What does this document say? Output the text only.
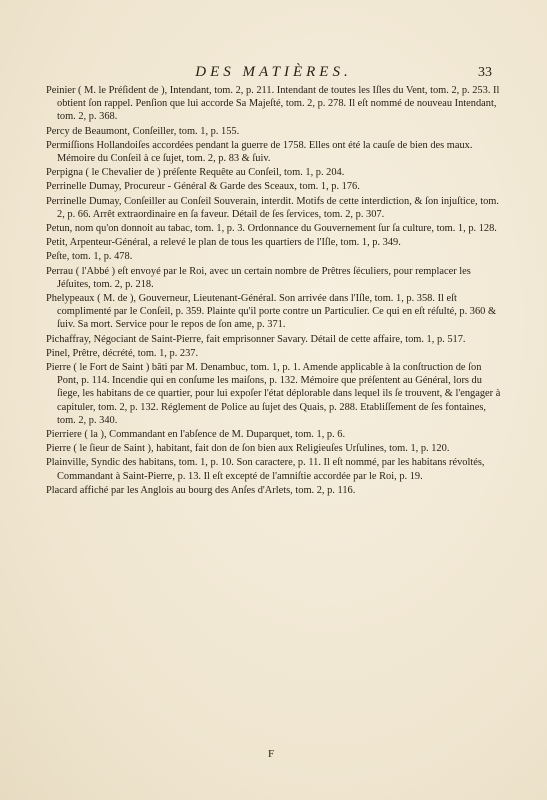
DES MATIÈRES.	33

Peinier ( M. le Préſident de ), Intendant, tom. 2, p. 211. Intendant de toutes les Iſles du Vent, tom. 2, p. 253. Il obtient ſon rappel. Penſion que lui accorde Sa Majeſté, tom. 2, p. 278. Il eſt nommé de nouveau Intendant, tom. 2, p. 368.

Percy de Beaumont, Conſeiller, tom. 1, p. 155.

Permiſſions Hollandoiſes accordées pendant la guerre de 1758. Elles ont été la cauſe de bien des maux. Mémoire du Conſeil à ce ſujet, tom. 2, p. 83 & ſuiv.

Perpigna ( le Chevalier de ) préſente Requête au Conſeil, tom. 1, p. 204.

Perrinelle Dumay, Procureur - Général & Garde des Sceaux, tom. 1, p. 176.

Perrinelle Dumay, Conſeiller au Conſeil Souverain, interdit. Motifs de cette interdiction, & ſon injuſtice, tom. 2, p. 66. Arrêt extraordinaire en ſa faveur. Détail de ſes ſervices, tom. 2, p. 307.

Petun, nom qu'on donnoit au tabac, tom. 1, p. 3. Ordonnance du Gouvernement ſur ſa culture, tom. 1, p. 128.

Petit, Arpenteur-Général, a relevé le plan de tous les quartiers de l'Iſle, tom. 1, p. 349.

Peſte, tom. 1, p. 478.

Perrau ( l'Abbé ) eſt envoyé par le Roi, avec un certain nombre de Prêtres ſéculiers, pour remplacer les Jéſuites, tom. 2, p. 218.

Phelypeaux ( M. de ), Gouverneur, Lieutenant-Général. Son arrivée dans l'Iſle, tom. 1, p. 358. Il eſt complimenté par le Conſeil, p. 359. Plainte qu'il porte contre un Particulier. Ce qui en eſt réſulté, p. 360 & ſuiv. Sa mort. Service pour le repos de ſon ame, p. 371.

Pichaffray, Négociant de Saint-Pierre, fait emprisonner Savary. Détail de cette affaire, tom. 1, p. 517.

Pinel, Prêtre, décrété, tom. 1, p. 237.

Pierre ( le Fort de Saint ) bâti par M. Denambuc, tom. 1, p. 1. Amende applicable à la conſtruction de ſon Pont, p. 114. Incendie qui en conſume les maiſons, p. 132. Mémoire que préſentent au Général, lors du ſiege, les habitans de ce quartier, pour lui expoſer l'état déplorable dans lequel ils ſe trouvent, & l'engager à capituler, tom. 2, p. 132. Réglement de Police au ſujet des Quais, p. 288. Etabliſſement de ſes fontaines, tom. 2, p. 340.

Pierriere ( la ), Commandant en l'abſence de M. Duparquet, tom. 1, p. 6.

Pierre ( le ſieur de Saint ), habitant, fait don de ſon bien aux Religieuſes Urſulines, tom. 1, p. 120.

Plainville, Syndic des habitans, tom. 1, p. 10. Son caractere, p. 11. Il eſt nommé, par les habitans révoltés, Commandant à Saint-Pierre, p. 13. Il eſt excepté de l'amniſtie accordée par le Roi, p. 19.

Placard affiché par les Anglois au bourg des Anſes d'Arlets, tom. 2, p. 116.

F
